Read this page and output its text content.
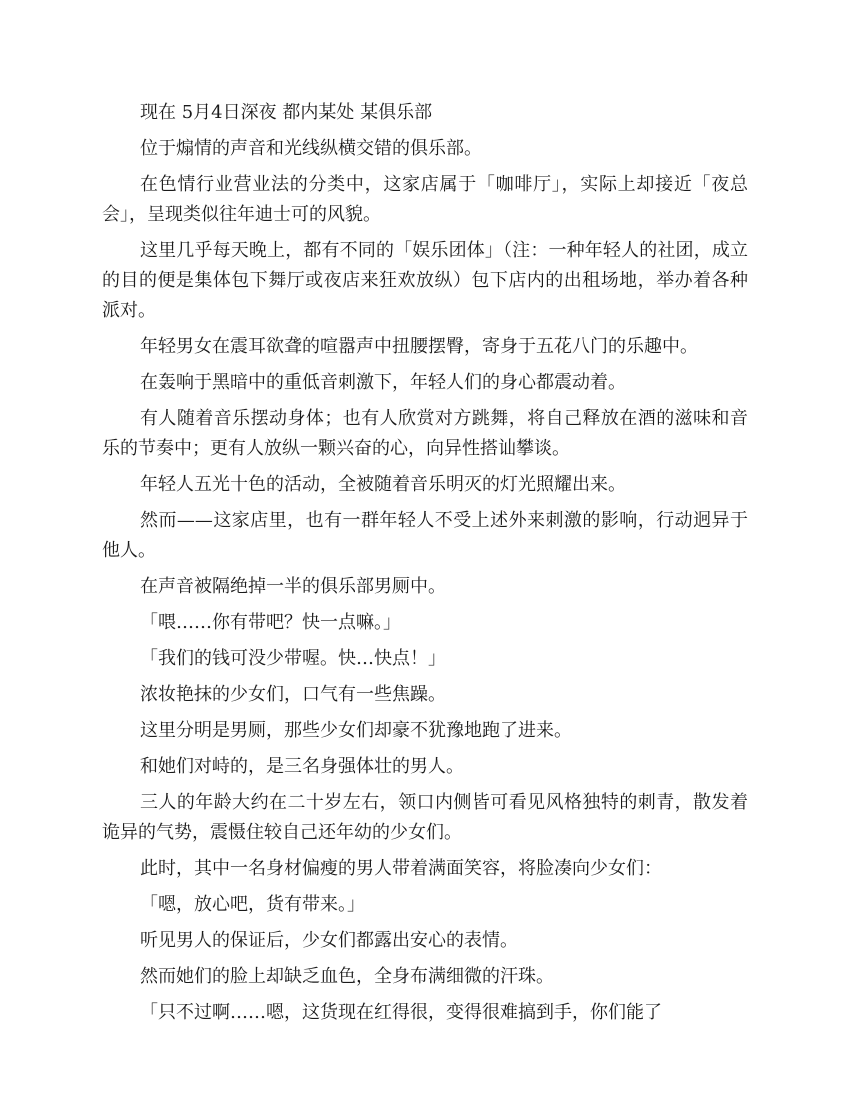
现在 5月4日深夜 都内某处 某俱乐部

位于煽情的声音和光线纵横交错的俱乐部。

在色情行业营业法的分类中，这家店属于「咖啡厅」，实际上却接近「夜总会」，呈现类似往年迪士可的风貌。

这里几乎每天晚上，都有不同的「娱乐团体」（注：一种年轻人的社团，成立的目的便是集体包下舞厅或夜店来狂欢放纵）包下店内的出租场地，举办着各种派对。

年轻男女在震耳欲聋的喧嚣声中扭腰摆臀，寄身于五花八门的乐趣中。

在轰响于黑暗中的重低音刺激下，年轻人们的身心都震动着。

有人随着音乐摆动身体；也有人欣赏对方跳舞，将自己释放在酒的滋味和音乐的节奏中；更有人放纵一颗兴奋的心，向异性搭讪攀谈。

年轻人五光十色的活动，全被随着音乐明灭的灯光照耀出来。

然而——这家店里，也有一群年轻人不受上述外来刺激的影响，行动迥异于他人。

在声音被隔绝掉一半的俱乐部男厕中。

「喂……你有带吧？快一点嘛。」

「我们的钱可没少带喔。快…快点！」

浓妆艳抹的少女们，口气有一些焦躁。

这里分明是男厕，那些少女们却豪不犹豫地跑了进来。

和她们对峙的，是三名身强体壮的男人。

三人的年龄大约在二十岁左右，领口内侧皆可看见风格独特的刺青，散发着诡异的气势，震慑住较自己还年幼的少女们。

此时，其中一名身材偏瘦的男人带着满面笑容，将脸凑向少女们：

「嗯，放心吧，货有带来。」

听见男人的保证后，少女们都露出安心的表情。

然而她们的脸上却缺乏血色，全身布满细微的汗珠。

「只不过啊……嗯，这货现在红得很，变得很难搞到手，你们能了
